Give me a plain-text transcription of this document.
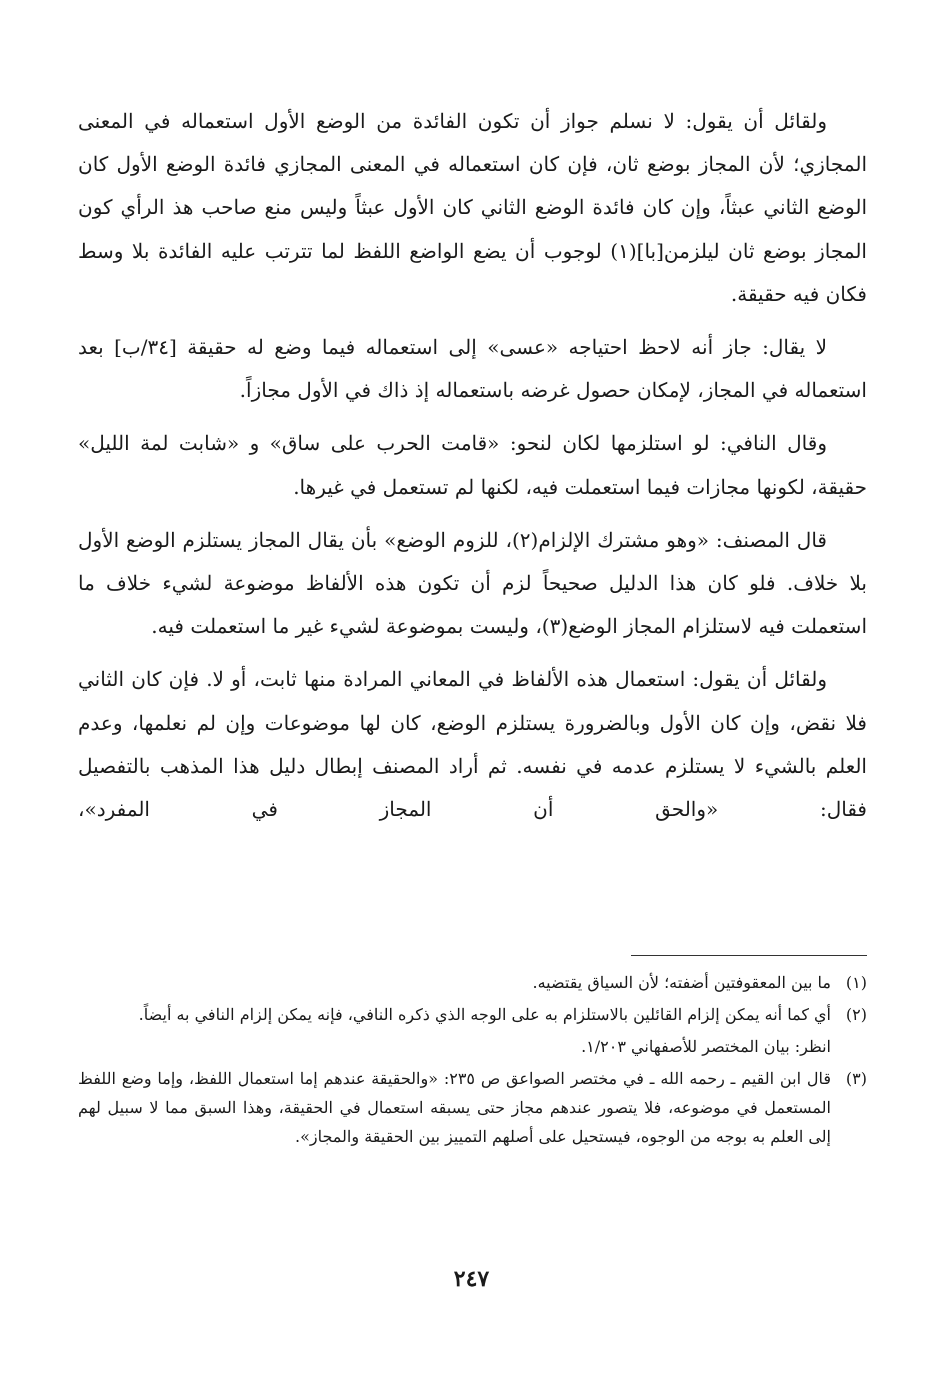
ولقائل أن يقول: لا نسلم جواز أن تكون الفائدة من الوضع الأول استعماله في المعنى المجازي؛ لأن المجاز بوضع ثان، فإن كان استعماله في المعنى المجازي فائدة الوضع الأول كان الوضع الثاني عبثاً، وإن كان فائدة الوضع الثاني كان الأول عبثاً وليس منع صاحب هذ الرأي كون المجاز بوضع ثان ليلزمن[با](١) لوجوب أن يضع الواضع اللفظ لما تترتب عليه الفائدة بلا وسط فكان فيه حقيقة.

لا يقال: جاز أنه لاحظ احتياجه «عسى» إلى استعماله فيما وضع له حقيقة [٣٤/ب] بعد استعماله في المجاز، لإمكان حصول غرضه باستعماله إذ ذاك في الأول مجازاً.

وقال النافي: لو استلزمها لكان لنحو: «قامت الحرب على ساق» و «شابت لمة الليل» حقيقة، لكونها مجازات فيما استعملت فيه، لكنها لم تستعمل في غيرها.

قال المصنف: «وهو مشترك الإلزام(٢)، للزوم الوضع» بأن يقال المجاز يستلزم الوضع الأول بلا خلاف. فلو كان هذا الدليل صحيحاً لزم أن تكون هذه الألفاظ موضوعة لشيء خلاف ما استعملت فيه لاستلزام المجاز الوضع(٣)، وليست بموضوعة لشيء غير ما استعملت فيه.

ولقائل أن يقول: استعمال هذه الألفاظ في المعاني المرادة منها ثابت، أو لا. فإن كان الثاني فلا نقض، وإن كان الأول وبالضرورة يستلزم الوضع، كان لها موضوعات وإن لم نعلمها، وعدم العلم بالشيء لا يستلزم عدمه في نفسه. ثم أراد المصنف إبطال دليل هذا المذهب بالتفصيل فقال: «والحق أن المجاز في المفرد»،

(١)
ما بين المعقوفتين أضفته؛ لأن السياق يقتضيه.
(٢)
أي كما أنه يمكن إلزام القائلين بالاستلزام به على الوجه الذي ذكره النافي، فإنه يمكن إلزام النافي به أيضاً.
انظر: بيان المختصر للأصفهاني ١/٢٠٣.
(٣)
قال ابن القيم ـ رحمه الله ـ في مختصر الصواعق ص ٢٣٥: «والحقيقة عندهم إما استعمال اللفظ، وإما وضع اللفظ المستعمل في موضوعه، فلا يتصور عندهم مجاز حتى يسبقه استعمال في الحقيقة، وهذا السبق مما لا سبيل لهم إلى العلم به بوجه من الوجوه، فيستحيل على أصلهم التمييز بين الحقيقة والمجاز».
٢٤٧
